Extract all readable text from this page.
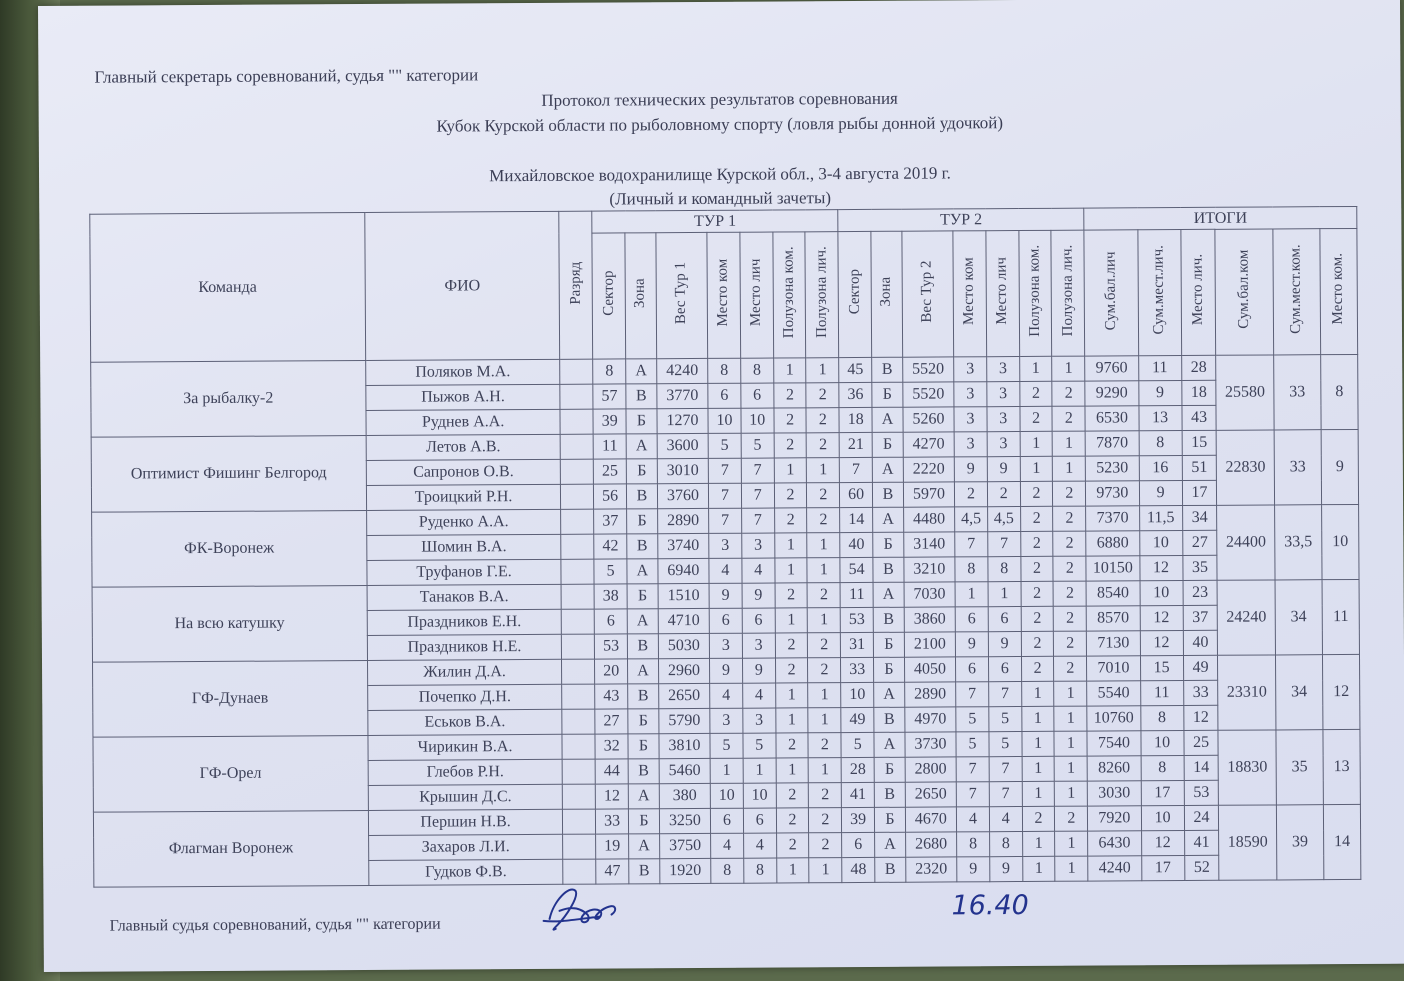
Главный секретарь соревнований, судья "" категории
Протокол технических результатов соревнования
Кубок Курской области по рыболовному спорту (ловля рыбы донной удочкой)
Михайловское водохранилище Курской обл., 3-4 августа 2019 г.
(Личный и командный зачеты)
Команда	ФИО	Разряд	ТУР 1							ТУР 2							ИТОГИ					
			Сектор	Зона	Вес Тур 1	Место ком	Место лич	Полузона ком.	Полузона лич.	Сектор	Зона	Вес Тур 2	Место ком	Место лич	Полузона ком.	Полузона лич.	Сум.бал.лич	Сум.мест.лич.	Место лич.	Сум.бал.ком	Сум.мест.ком.	Место ком.
За рыбалку-2	Поляков М.А.		8	А	4240	8	8	1	1	45	В	5520	3	3	1	1	9760	11	28	25580	33	8
	Пыжов А.Н.		57	В	3770	6	6	2	2	36	Б	5520	3	3	2	2	9290	9	18			
	Руднев А.А.		39	Б	1270	10	10	2	2	18	А	5260	3	3	2	2	6530	13	43			
Оптимист Фишинг Белгород	Летов А.В.		11	А	3600	5	5	2	2	21	Б	4270	3	3	1	1	7870	8	15	22830	33	9
	Сапронов О.В.		25	Б	3010	7	7	1	1	7	А	2220	9	9	1	1	5230	16	51			
	Троицкий Р.Н.		56	В	3760	7	7	2	2	60	В	5970	2	2	2	2	9730	9	17			
ФК-Воронеж	Руденко А.А.		37	Б	2890	7	7	2	2	14	А	4480	4,5	4,5	2	2	7370	11,5	34	24400	33,5	10
	Шомин В.А.		42	В	3740	3	3	1	1	40	Б	3140	7	7	2	2	6880	10	27			
	Труфанов Г.Е.		5	А	6940	4	4	1	1	54	В	3210	8	8	2	2	10150	12	35			
На всю катушку	Танаков В.А.		38	Б	1510	9	9	2	2	11	А	7030	1	1	2	2	8540	10	23	24240	34	11
	Праздников Е.Н.		6	А	4710	6	6	1	1	53	В	3860	6	6	2	2	8570	12	37			
	Праздников Н.Е.		53	В	5030	3	3	2	2	31	Б	2100	9	9	2	2	7130	12	40			
ГФ-Дунаев	Жилин Д.А.		20	А	2960	9	9	2	2	33	Б	4050	6	6	2	2	7010	15	49	23310	34	12
	Почепко Д.Н.		43	В	2650	4	4	1	1	10	А	2890	7	7	1	1	5540	11	33			
	Еськов В.А.		27	Б	5790	3	3	1	1	49	В	4970	5	5	1	1	10760	8	12			
ГФ-Орел	Чирикин В.А.		32	Б	3810	5	5	2	2	5	А	3730	5	5	1	1	7540	10	25	18830	35	13
	Глебов Р.Н.		44	В	5460	1	1	1	1	28	Б	2800	7	7	1	1	8260	8	14			
	Крышин Д.С.		12	А	380	10	10	2	2	41	В	2650	7	7	1	1	3030	17	53			
Флагман Воронеж	Першин Н.В.		33	Б	3250	6	6	2	2	39	Б	4670	4	4	2	2	7920	10	24	18590	39	14
	Захаров Л.И.		19	А	3750	4	4	2	2	6	А	2680	8	8	1	1	6430	12	41			
	Гудков Ф.В.		47	В	1920	8	8	1	1	48	В	2320	9	9	1	1	4240	17	52			
Главный судья соревнований, судья "" категории
16.40
